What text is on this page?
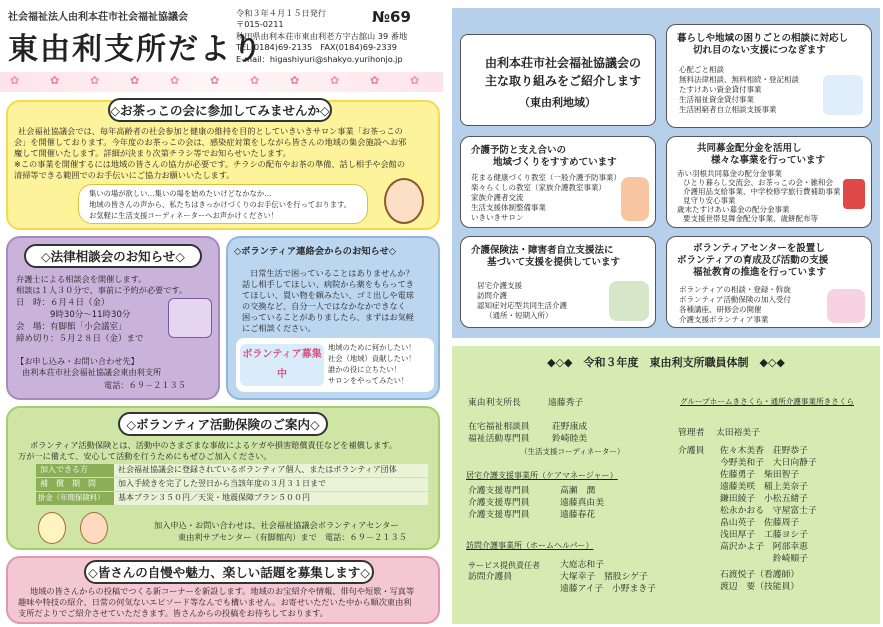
社会福祉法人由利本荘市社会福祉協議会
東由利支所だより
令和３年４月１５日発行
〒015-0211
秋田県由利本荘市東由利老方字古舘山 39 番地
TEL(0184)69-2135　FAX(0184)69-2339
E-mail：higashiyuri@shakyo.yurihonjo.jp
№69
✿	✿	✿	✿	✿	✿	✿	✿	✿	✿	✿
◇お茶っこの会に参加してみませんか◇
社会福祉協議会では、毎年高齢者の社会参加と健康の維持を目的としていきいきサロン事業「お茶っこの
会」を開催しております。今年度のお茶っこの会は、感染症対策をしながら皆さんの地域の集会施設へお邪
魔して開催いたします。詳細が決まり次第チラシ等でお知らせいたします。
※この事業を開催するには地域の皆さんの協力が必要です。チラシの配布やお茶の準備、話し相手や会館の
清掃等できる範囲でのお手伝いにご協力お願いいたします。
集いの場が欲しい…集いの場を始めたいけどなかなか…
地域の皆さんの声から、私たちはきっかけづくりのお手伝いを行っております。
お気軽に生活支援コーディネーターへお声かけください！
◇法律相談会のお知らせ◇
弁護士による相談会を開催します。
相談は１人３０分で、事前に予約が必要です。
日　時：６月４日（金）
　　　　9時30分～11時30分
会　場：有脚館「小会議室」
締め切り：５月２８日（金）まで
【お申し込み・お問い合わせ先】
由利本荘市社会福祉協議会東由利支所
電話：６９－２１３５
◇ボランティア連絡会からのお知らせ◇
日常生活で困っていることはありませんか？
話し相手してほしい、病院から薬をもらってき
てほしい、買い物を頼みたい、ゴミ出しや電球
の交換など、自分一人ではなかなかできなく
困っていることがありましたら、まずはお気軽
にご相談ください。
ボランティア募集中
地域のために何かしたい！
社会（地域）貢献したい！
誰かの役に立ちたい！
サロンをやってみたい！
◇ボランティア活動保険のご案内◇
ボランティア活動保険とは、活動中のさまざまな事故によるケガや損害賠償責任などを補償します。
万が一に備えて、安心して活動を行うためにもぜひご加入ください。
加入できる方	社会福祉協議会に登録されているボランティア個人、またはボランティア団体
補　償　期　間	加入手続きを完了した翌日から当該年度の３月３１日まで
掛金（年間保険料）	基本プラン３５０円／天災・地震保障プラン５００円
加入申込・お問い合わせは、社会福祉協議会ボランティアセンター
東由利サブセンター（有脚館内）まで　電話：６９－２１３５
◇皆さんの自慢や魅力、楽しい話題を募集します◇
地域の皆さんからの投稿でつくる新コーナーを新設します。地域のお宝紹介や情報、俳句や短歌・写真等
趣味や特技の紹介、日常の何気ないエピソード等なんでも構いません。お寄せいただいた中から順次東由利
支所だよりでご紹介させていただきます。皆さんからの投稿をお待ちしております。
由利本荘市社会福祉協議会の
主な取り組みをご紹介します
（東由利地域）
暮らしや地域の困りごとの相談に対応し
切れ目のない支援につなぎます
心配ごと相談
無料法律相談、無料相続・登記相談
たすけあい資金貸付事業
生活福祉資金貸付事業
生活困窮者自立相談支援事業
介護予防と支え合いの
地域づくりをすすめています
花まる健康づくり教室（一般介護予防事業）
楽々らくしの教室（家族介護教室事業）
家族介護者交流
生活支援体制整備事業
いきいきサロン
共同募金配分金を活用し
様々な事業を行っています
赤い羽根共同募金の配分金事業
ひとり暮らし交流会、お茶っこの会・雑和会
介護用品支給事業、中学校修学旅行費補助事業
見守り安心事業
歳末たすけあい募金の配分金事業
要支援世帯見舞金配分事業、歳餅配布等
介護保険法・障害者自立支援法に
基づいて支援を提供しています
居宅介護支援
訪問介護
認知症対応型共同生活介護
（通所・短期入所）
ボランティアセンターを設置し
ボランティアの育成及び活動の支援
福祉教育の推進を行っています
ボランティアの相談・登録・斡旋
ボランティア活動保険の加入受付
各種講座、研修会の開催
介護支援ボランティア事業
◆◇◆　令和３年度　東由利支所職員体制　◆◇◆
東由利支所長	遠藤秀子
在宅福祉相談員	荘野康成
福祉活動専門員	鈴崎睦美
（生活支援コーディネーター）
居宅介護支援事業所（ケアマネージャー）
介護支援専門員	高瀬　潤
介護支援専門員	遠藤真由美
介護支援専門員	遠藤春花
訪問介護事業所（ホームヘルパー）
サービス提供責任者 大庭志和子
訪問介護員	大塚幸子　猪股シゲ子
遠藤アイ子　小野まき子
グループホームきさくら・通所介護事業所きさくら
管理者 太田裕美子
介護員 佐々木美香　荘野恭子
今野美和子　大日向静子
佐藤勇子　柴田智子
遠藤美咲　稲上美奈子
鎌田綾子　小松五緒子
松永かおる　守屋富士子
畠山英子　佐藤周子
浅田厚子　工藤ヨシ子
高沢かよ子　阿部幸恵
　　　　　　鈴崎順子
石渡悦子（看護師）
渡辺　要（技能員）
